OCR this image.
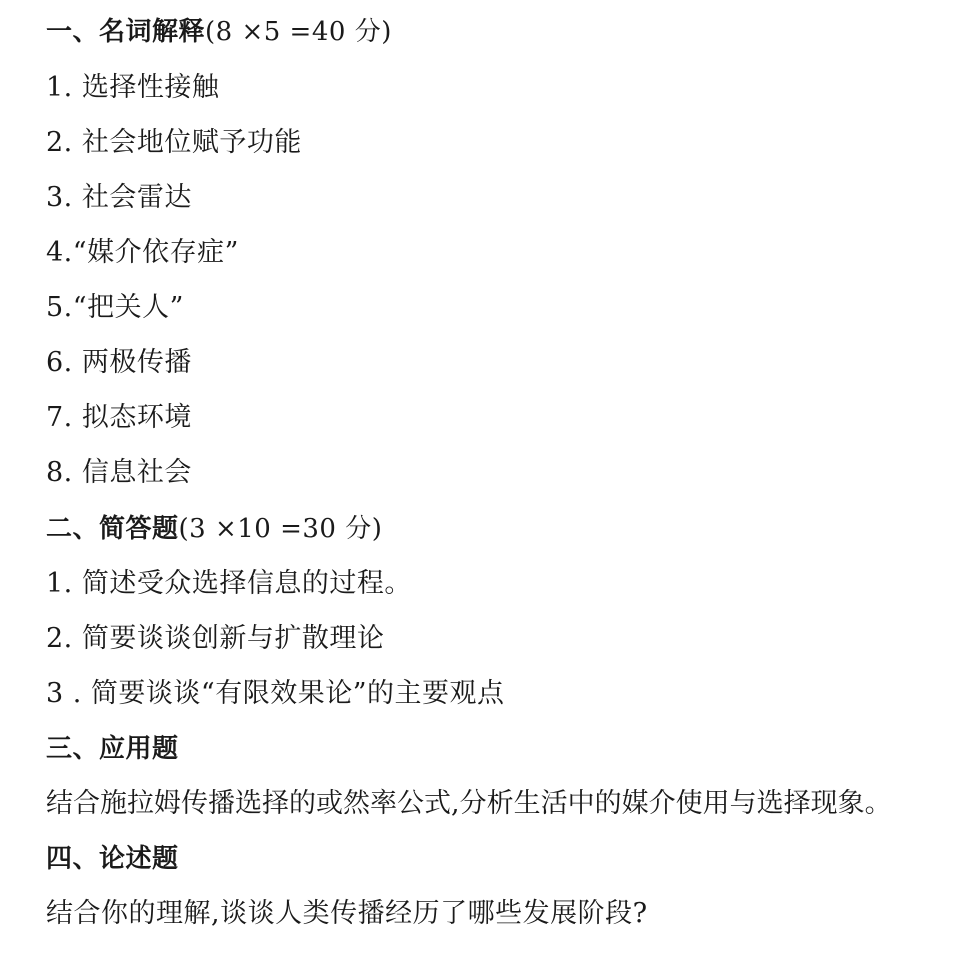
一、名词解释(8 ×5 =40 分)
1. 选择性接触
2. 社会地位赋予功能
3. 社会雷达
4.“媒介依存症”
5.“把关人”
6. 两极传播
7. 拟态环境
8. 信息社会
二、简答题(3 ×10 =30 分)
1. 简述受众选择信息的过程。
2. 简要谈谈创新与扩散理论
3 . 简要谈谈“有限效果论”的主要观点
三、应用题
结合施拉姆传播选择的或然率公式,分析生活中的媒介使用与选择现象。
四、论述题
结合你的理解,谈谈人类传播经历了哪些发展阶段?
